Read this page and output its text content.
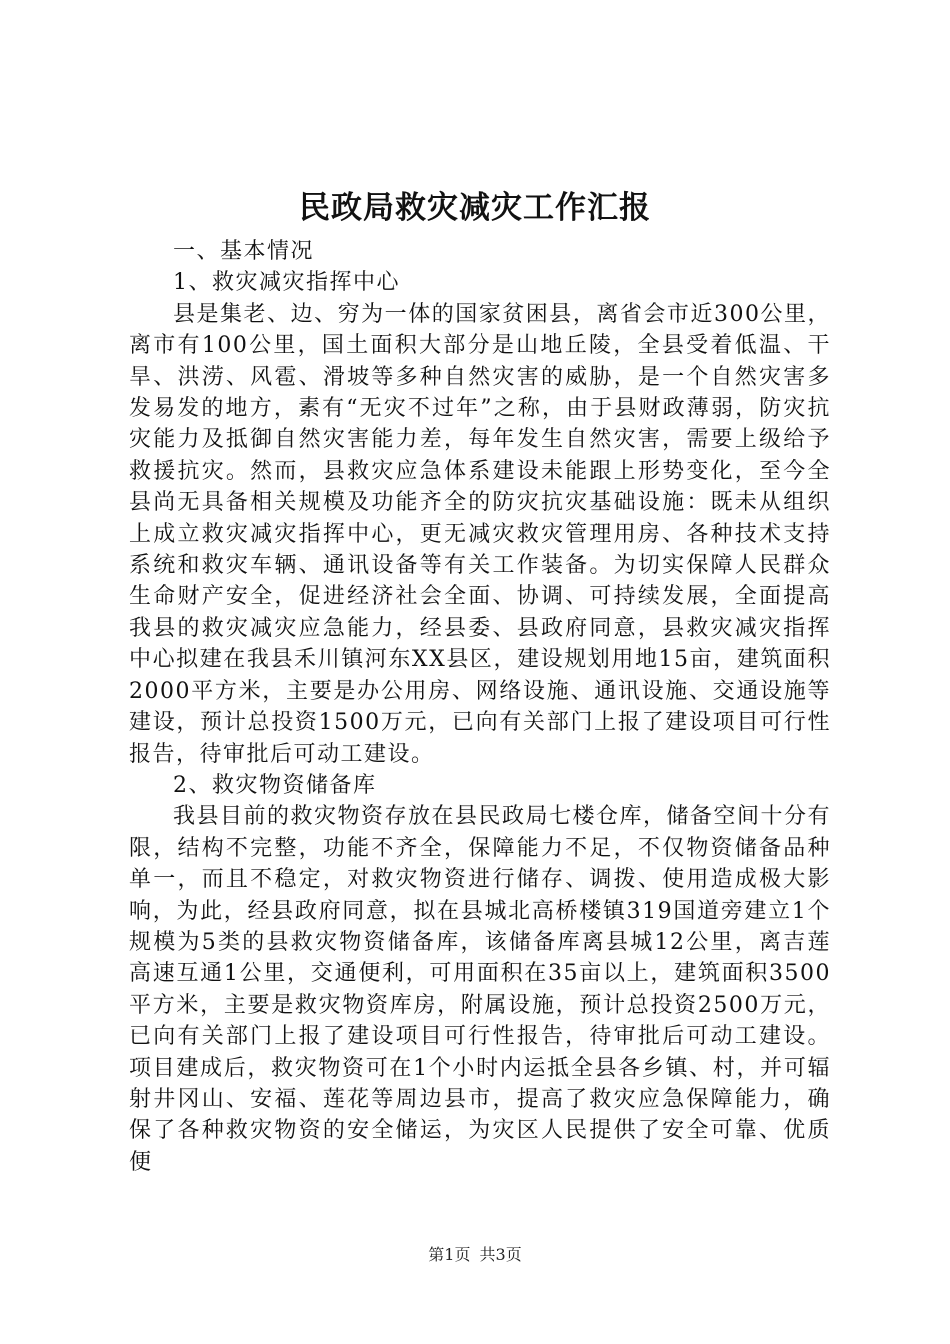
民政局救灾减灾工作汇报

一、基本情况

1、救灾减灾指挥中心

县是集老、边、穷为一体的国家贫困县，离省会市近300公里，离市有100公里，国土面积大部分是山地丘陵，全县受着低温、干旱、洪涝、风雹、滑坡等多种自然灾害的威胁，是一个自然灾害多发易发的地方，素有“无灾不过年”之称，由于县财政薄弱，防灾抗灾能力及抵御自然灾害能力差，每年发生自然灾害，需要上级给予救援抗灾。然而，县救灾应急体系建设未能跟上形势变化，至今全县尚无具备相关规模及功能齐全的防灾抗灾基础设施：既未从组织上成立救灾减灾指挥中心，更无减灾救灾管理用房、各种技术支持系统和救灾车辆、通讯设备等有关工作装备。为切实保障人民群众生命财产安全，促进经济社会全面、协调、可持续发展，全面提高我县的救灾减灾应急能力，经县委、县政府同意，县救灾减灾指挥中心拟建在我县禾川镇河东XX县区，建设规划用地15亩，建筑面积2000平方米，主要是办公用房、网络设施、通讯设施、交通设施等建设，预计总投资1500万元，已向有关部门上报了建设项目可行性报告，待审批后可动工建设。

2、救灾物资储备库

我县目前的救灾物资存放在县民政局七楼仓库，储备空间十分有限，结构不完整，功能不齐全，保障能力不足，不仅物资储备品种单一，而且不稳定，对救灾物资进行储存、调拨、使用造成极大影响，为此，经县政府同意，拟在县城北高桥楼镇319国道旁建立1个规模为5类的县救灾物资储备库，该储备库离县城12公里，离吉莲高速互通1公里，交通便利，可用面积在35亩以上，建筑面积3500平方米，主要是救灾物资库房，附属设施，预计总投资2500万元，已向有关部门上报了建设项目可行性报告，待审批后可动工建设。项目建成后，救灾物资可在1个小时内运抵全县各乡镇、村，并可辐射井冈山、安福、莲花等周边县市，提高了救灾应急保障能力，确保了各种救灾物资的安全储运，为灾区人民提供了安全可靠、优质便

第1页 共3页
